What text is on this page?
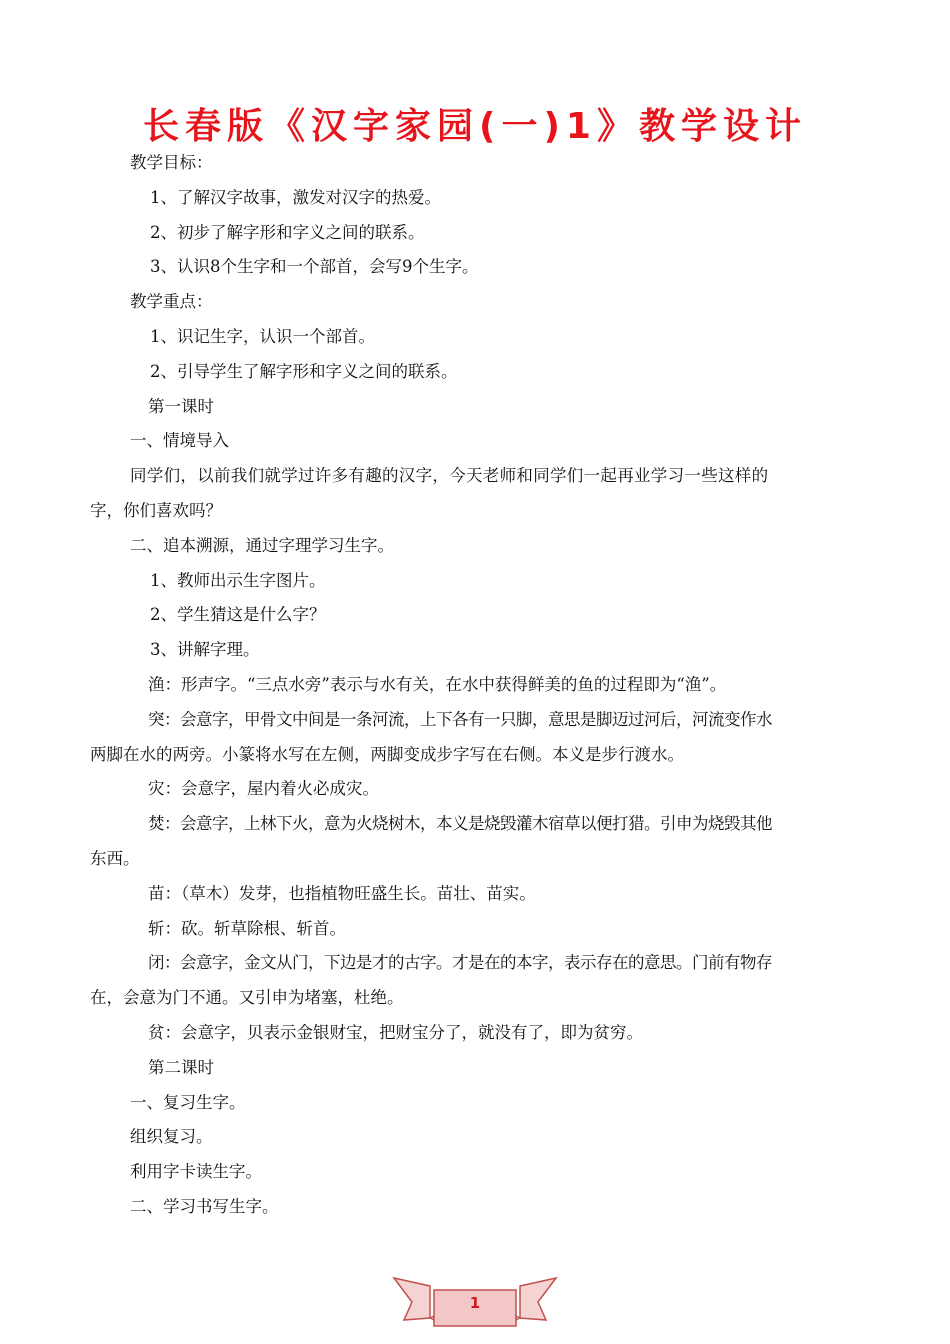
长春版《汉字家园(一)1》教学设计
教学目标：
1、了解汉字故事，激发对汉字的热爱。
2、初步了解字形和字义之间的联系。
3、认识8个生字和一个部首，会写9个生字。
教学重点：
1、识记生字，认识一个部首。
2、引导学生了解字形和字义之间的联系。
第一课时
一、情境导入
同学们，以前我们就学过许多有趣的汉字，今天老师和同学们一起再业学习一些这样的
字，你们喜欢吗？
二、追本溯源，通过字理学习生字。
1、教师出示生字图片。
2、学生猜这是什么字？
3、讲解字理。
渔：形声字。“三点水旁”表示与水有关，在水中获得鲜美的鱼的过程即为“渔”。
突：会意字，甲骨文中间是一条河流，上下各有一只脚，意思是脚迈过河后，河流变作水
两脚在水的两旁。小篆将水写在左侧，两脚变成步字写在右侧。本义是步行渡水。
灾：会意字，屋内着火必成灾。
焚：会意字，上林下火，意为火烧树木，本义是烧毁灌木宿草以便打猎。引申为烧毁其他
东西。
苗：（草木）发芽，也指植物旺盛生长。苗壮、苗实。
斩：砍。斩草除根、斩首。
闭：会意字，金文从门，下边是才的古字。才是在的本字，表示存在的意思。门前有物存
在，会意为门不通。又引申为堵塞，杜绝。
贫：会意字，贝表示金银财宝，把财宝分了，就没有了，即为贫穷。
第二课时
一、复习生字。
组织复习。
利用字卡读生字。
二、学习书写生字。
1
